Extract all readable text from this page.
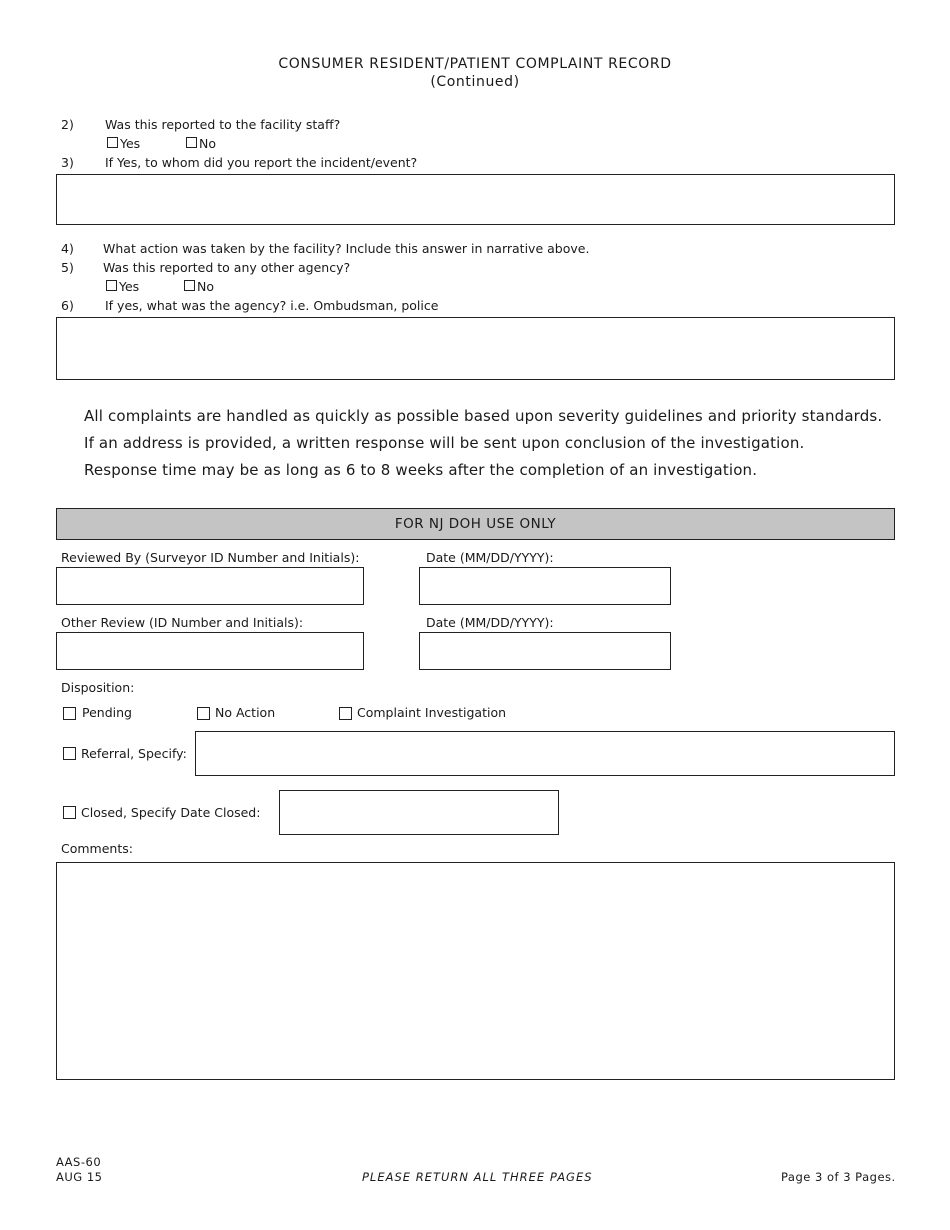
CONSUMER RESIDENT/PATIENT COMPLAINT RECORD
(Continued)
2) Was this reported to the facility staff?
Yes	No
3) If Yes, to whom did you report the incident/event?
4) What action was taken by the facility? Include this answer in narrative above.
5) Was this reported to any other agency?
Yes	No
6) If yes, what was the agency? i.e. Ombudsman, police
All complaints are handled as quickly as possible based upon severity guidelines and priority standards.
If an address is provided, a written response will be sent upon conclusion of the investigation.
Response time may be as long as 6 to 8 weeks after the completion of an investigation.
FOR NJ DOH USE ONLY
Reviewed By (Surveyor ID Number and Initials):	Date (MM/DD/YYYY):
Other Review (ID Number and Initials):	Date (MM/DD/YYYY):
Disposition:
Pending	No Action	Complaint Investigation
Referral, Specify:
Closed, Specify Date Closed:
Comments:
AAS-60
AUG 15	PLEASE RETURN ALL THREE PAGES	Page 3 of 3 Pages.
